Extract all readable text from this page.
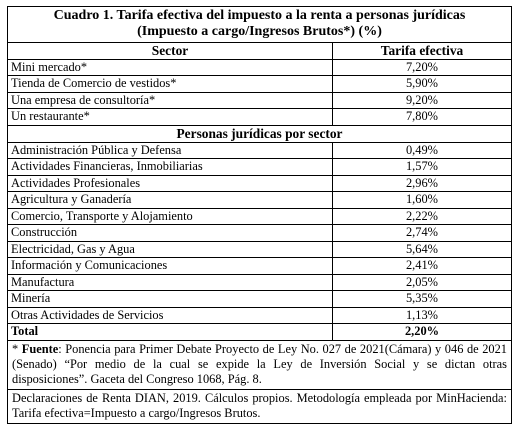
Cuadro 1. Tarifa efectiva del impuesto a la renta a personas jurídicas
(Impuesto a cargo/Ingresos Brutos*) (%)
Sector	Tarifa efectiva
Mini mercado*	7,20%
Tienda de Comercio de vestidos*	5,90%
Una empresa de consultoría*	9,20%
Un restaurante*	7,80%
Personas jurídicas por sector
Administración Pública y Defensa	0,49%
Actividades Financieras, Inmobiliarias	1,57%
Actividades Profesionales	2,96%
Agricultura y Ganadería	1,60%
Comercio, Transporte y Alojamiento	2,22%
Construcción	2,74%
Electricidad, Gas y Agua	5,64%
Información y Comunicaciones	2,41%
Manufactura	2,05%
Minería	5,35%
Otras Actividades de Servicios	1,13%
Total	2,20%
* Fuente: Ponencia para Primer Debate Proyecto de Ley No. 027 de 2021(Cámara) y 046 de 2021 (Senado) “Por medio de la cual se expide la Ley de Inversión Social y se dictan otras disposiciones”. Gaceta del Congreso 1068, Pág. 8.
Declaraciones de Renta DIAN, 2019. Cálculos propios. Metodología empleada por MinHacienda: Tarifa efectiva=Impuesto a cargo/Ingresos Brutos.
